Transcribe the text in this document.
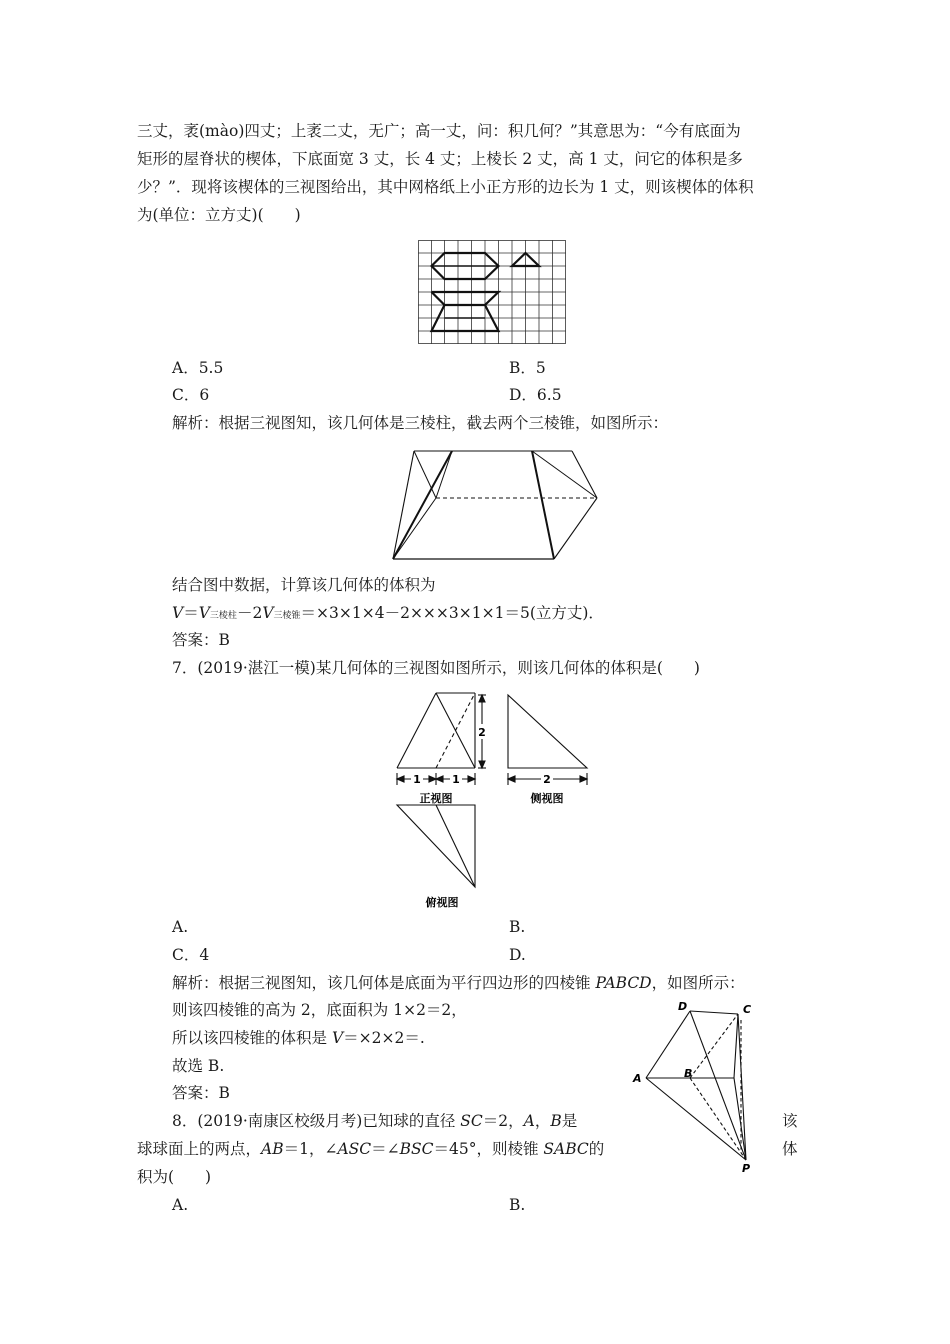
三丈，袤(màο)四丈；上袤二丈，无广；高一丈，问：积几何？”其意思为：“今有底面为
矩形的屋脊状的楔体，下底面宽 3 丈，长 4 丈；上棱长 2 丈，高 1 丈，问它的体积是多
少？”．现将该楔体的三视图给出，其中网格纸上小正方形的边长为 1 丈，则该楔体的体积
为(单位：立方丈)(　　)
A．5.5	B．5
C．6	D．6.5
解析：根据三视图知，该几何体是三棱柱，截去两个三棱锥，如图所示：
结合图中数据，计算该几何体的体积为
V＝V三棱柱－2V三棱锥＝×3×1×4－2×××3×1×1＝5(立方丈)．
答案：B
7．(2019·湛江一模)某几何体的三视图如图所示，则该几何体的体积是(　　)
2
1	1	2
正视图	侧视图
俯视图
A.	B.
C．4	D.
解析：根据三视图知，该几何体是底面为平行四边形的四棱锥 PABCD，如图所示：
则该四棱锥的高为 2，底面积为 1×2＝2，
所以该四棱锥的体积是 V＝×2×2＝.
故选 B.
答案：B
D	C
A	B
P
8．(2019·南康区校级月考)已知球的直径 SC＝2，A，B是	该
球球面上的两点，AB＝1，∠ASC＝∠BSC＝45°，则棱锥 SABC的	体
积为(　　)
A.	B.
